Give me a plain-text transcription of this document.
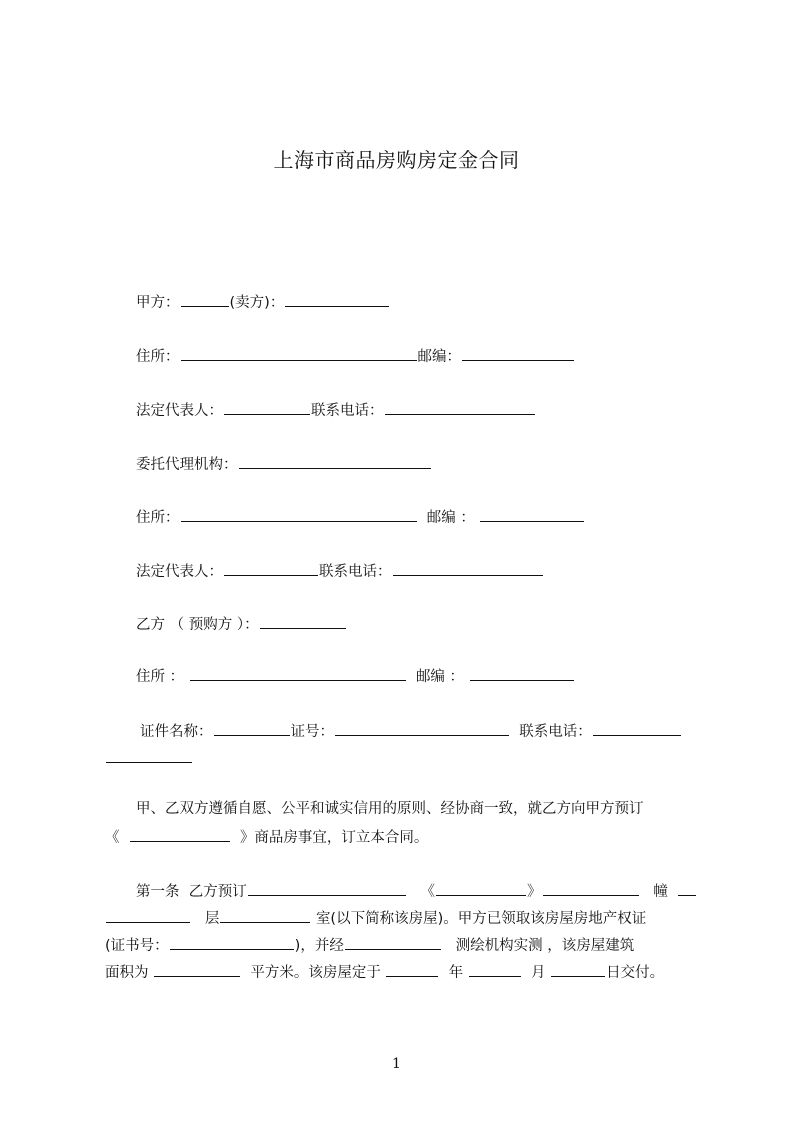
上海市商品房购房定金合同
甲方：	(卖方)：
住所：	邮编：
法定代表人：	联系电话：
委托代理机构：
住所：	邮编 ：
法定代表人：	联系电话：
乙方 （ 预购方 ）：
住所 ：	邮编 ：
证件名称：	证号：	联系电话：
甲、乙双方遵循自愿、公平和诚实信用的原则、经协商一致，就乙方向甲方预订
《	》商品房事宜，订立本合同。
第一条  乙方预订	《	》	幢
层	室(以下简称该房屋)。甲方已领取该房屋房地产权证
(证书号：	)，并经	测绘机构实测 ，该房屋建筑
面积为	平方米。该房屋定于	年	月	日交付。
1
